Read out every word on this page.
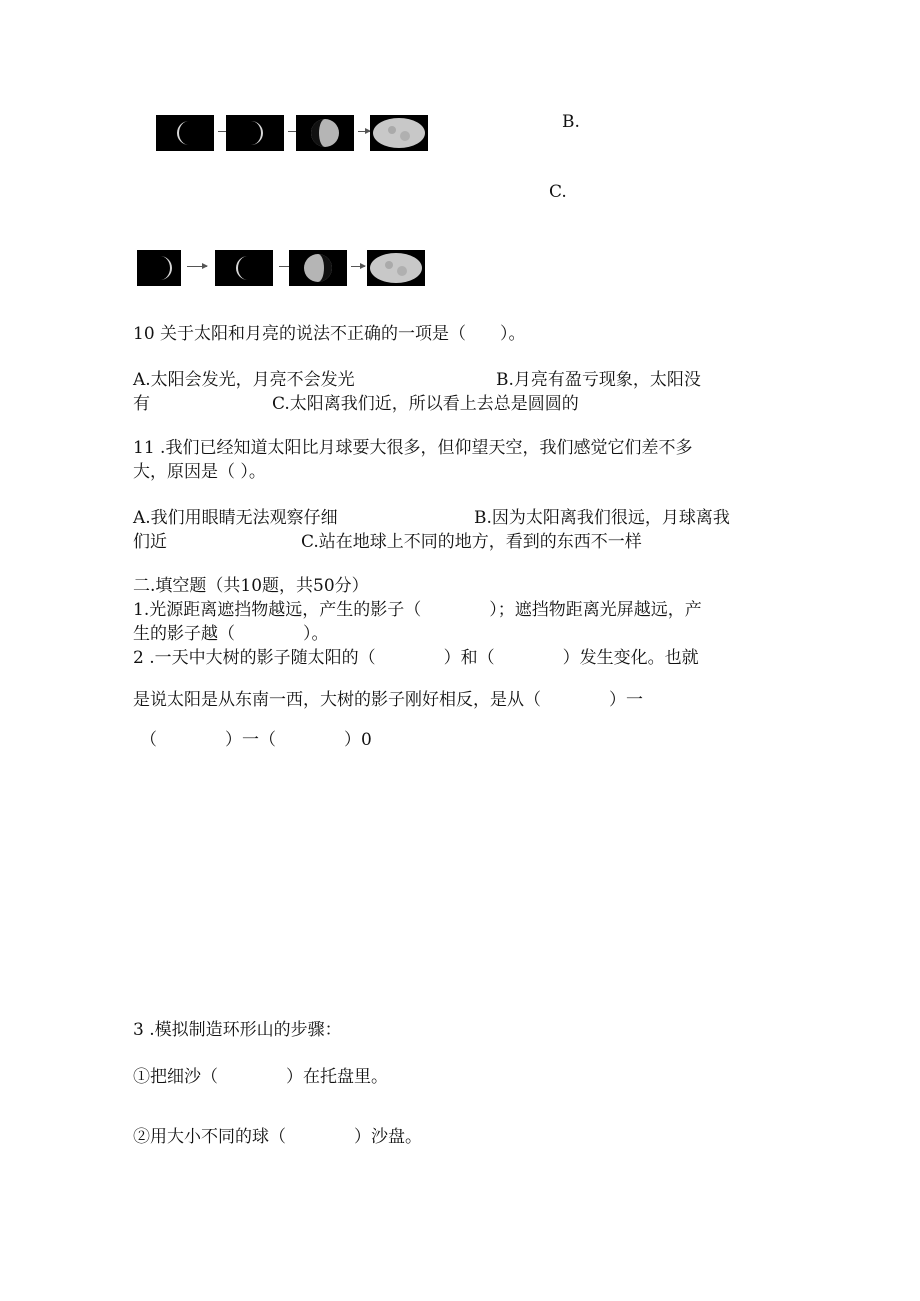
B.
C.
10 关于太阳和月亮的说法不正确的一项是（　　）。
A.太阳会发光，月亮不会发光	B.月亮有盈亏现象，太阳没
有	C.太阳离我们近，所以看上去总是圆圆的
11 .我们已经知道太阳比月球要大很多，但仰望天空，我们感觉它们差不多
大，原因是（ ）。
A.我们用眼睛无法观察仔细	B.因为太阳离我们很远，月球离我
们近	C.站在地球上不同的地方，看到的东西不一样
二.填空题（共10题，共50分）
1.光源距离遮挡物越远，产生的影子（　　　　）；遮挡物距离光屏越远，产
生的影子越（　　　　）。
2 .一天中大树的影子随太阳的（　　　　）和（　　　　）发生变化。也就
是说太阳是从东南一西，大树的影子刚好相反，是从（　　　　）一
（　　　　）一（　　　　）0
3 .模拟制造环形山的步骤：
①把细沙（　　　　）在托盘里。
②用大小不同的球（　　　　）沙盘。
